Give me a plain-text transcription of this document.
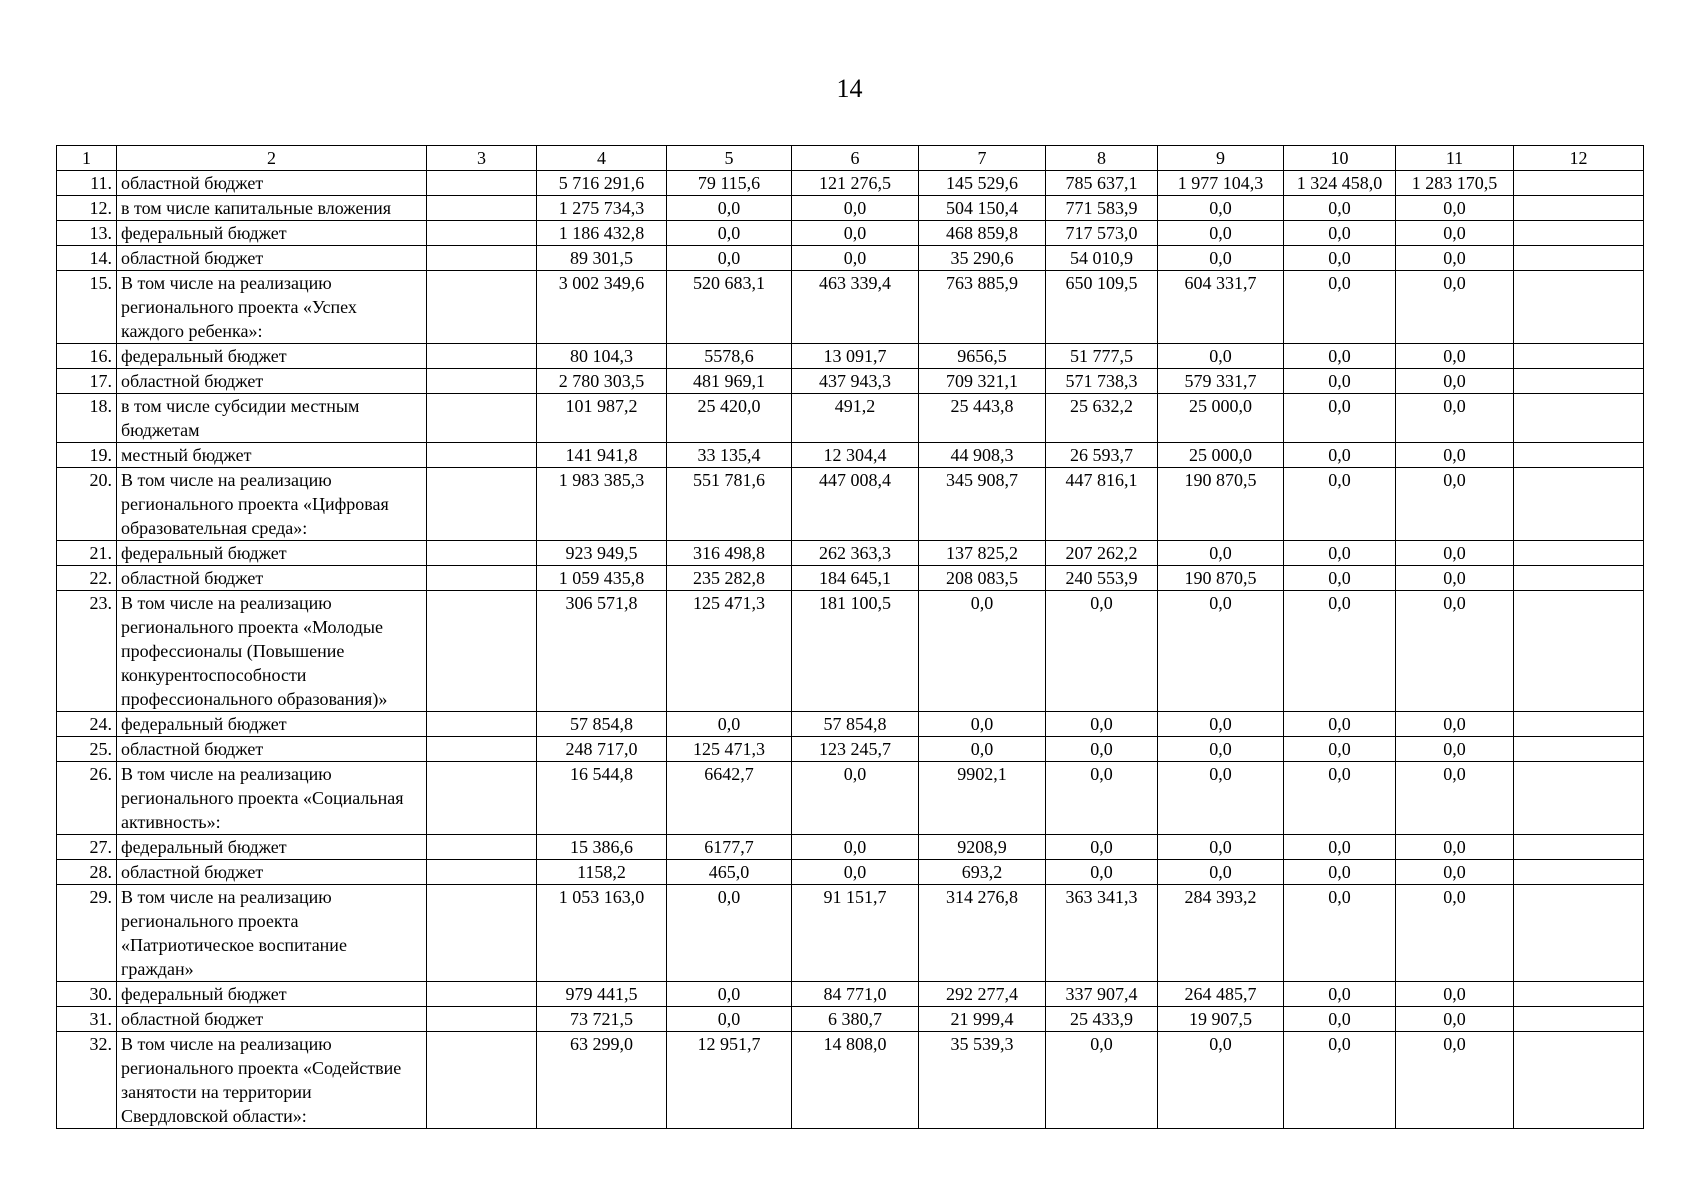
14
1	2	3	4	5	6	7	8	9	10	11	12
11.	областной бюджет		5 716 291,6	79 115,6	121 276,5	145 529,6	785 637,1	1 977 104,3	1 324 458,0	1 283 170,5	
12.	в том числе капитальные вложения		1 275 734,3	0,0	0,0	504 150,4	771 583,9	0,0	0,0	0,0	
13.	федеральный бюджет		1 186 432,8	0,0	0,0	468 859,8	717 573,0	0,0	0,0	0,0	
14.	областной бюджет		89 301,5	0,0	0,0	35 290,6	54 010,9	0,0	0,0	0,0	
15.	В том числе на реализацию регионального проекта «Успех каждого ребенка»:		3 002 349,6	520 683,1	463 339,4	763 885,9	650 109,5	604 331,7	0,0	0,0	
16.	федеральный бюджет		80 104,3	5578,6	13 091,7	9656,5	51 777,5	0,0	0,0	0,0	
17.	областной бюджет		2 780 303,5	481 969,1	437 943,3	709 321,1	571 738,3	579 331,7	0,0	0,0	
18.	в том числе субсидии местным бюджетам		101 987,2	25 420,0	491,2	25 443,8	25 632,2	25 000,0	0,0	0,0	
19.	местный бюджет		141 941,8	33 135,4	12 304,4	44 908,3	26 593,7	25 000,0	0,0	0,0	
20.	В том числе на реализацию регионального проекта «Цифровая образовательная среда»:		1 983 385,3	551 781,6	447 008,4	345 908,7	447 816,1	190 870,5	0,0	0,0	
21.	федеральный бюджет		923 949,5	316 498,8	262 363,3	137 825,2	207 262,2	0,0	0,0	0,0	
22.	областной бюджет		1 059 435,8	235 282,8	184 645,1	208 083,5	240 553,9	190 870,5	0,0	0,0	
23.	В том числе на реализацию регионального проекта «Молодые профессионалы (Повышение конкурентоспособности профессионального образования)»		306 571,8	125 471,3	181 100,5	0,0	0,0	0,0	0,0	0,0	
24.	федеральный бюджет		57 854,8	0,0	57 854,8	0,0	0,0	0,0	0,0	0,0	
25.	областной бюджет		248 717,0	125 471,3	123 245,7	0,0	0,0	0,0	0,0	0,0	
26.	В том числе на реализацию регионального проекта «Социальная активность»:		16 544,8	6642,7	0,0	9902,1	0,0	0,0	0,0	0,0	
27.	федеральный бюджет		15 386,6	6177,7	0,0	9208,9	0,0	0,0	0,0	0,0	
28.	областной бюджет		1158,2	465,0	0,0	693,2	0,0	0,0	0,0	0,0	
29.	В том числе на реализацию регионального проекта «Патриотическое воспитание граждан»		1 053 163,0	0,0	91 151,7	314 276,8	363 341,3	284 393,2	0,0	0,0	
30.	федеральный бюджет		979 441,5	0,0	84 771,0	292 277,4	337 907,4	264 485,7	0,0	0,0	
31.	областной бюджет		73 721,5	0,0	6 380,7	21 999,4	25 433,9	19 907,5	0,0	0,0	
32.	В том числе на реализацию регионального проекта «Содействие занятости на территории Свердловской области»:		63 299,0	12 951,7	14 808,0	35 539,3	0,0	0,0	0,0	0,0	
